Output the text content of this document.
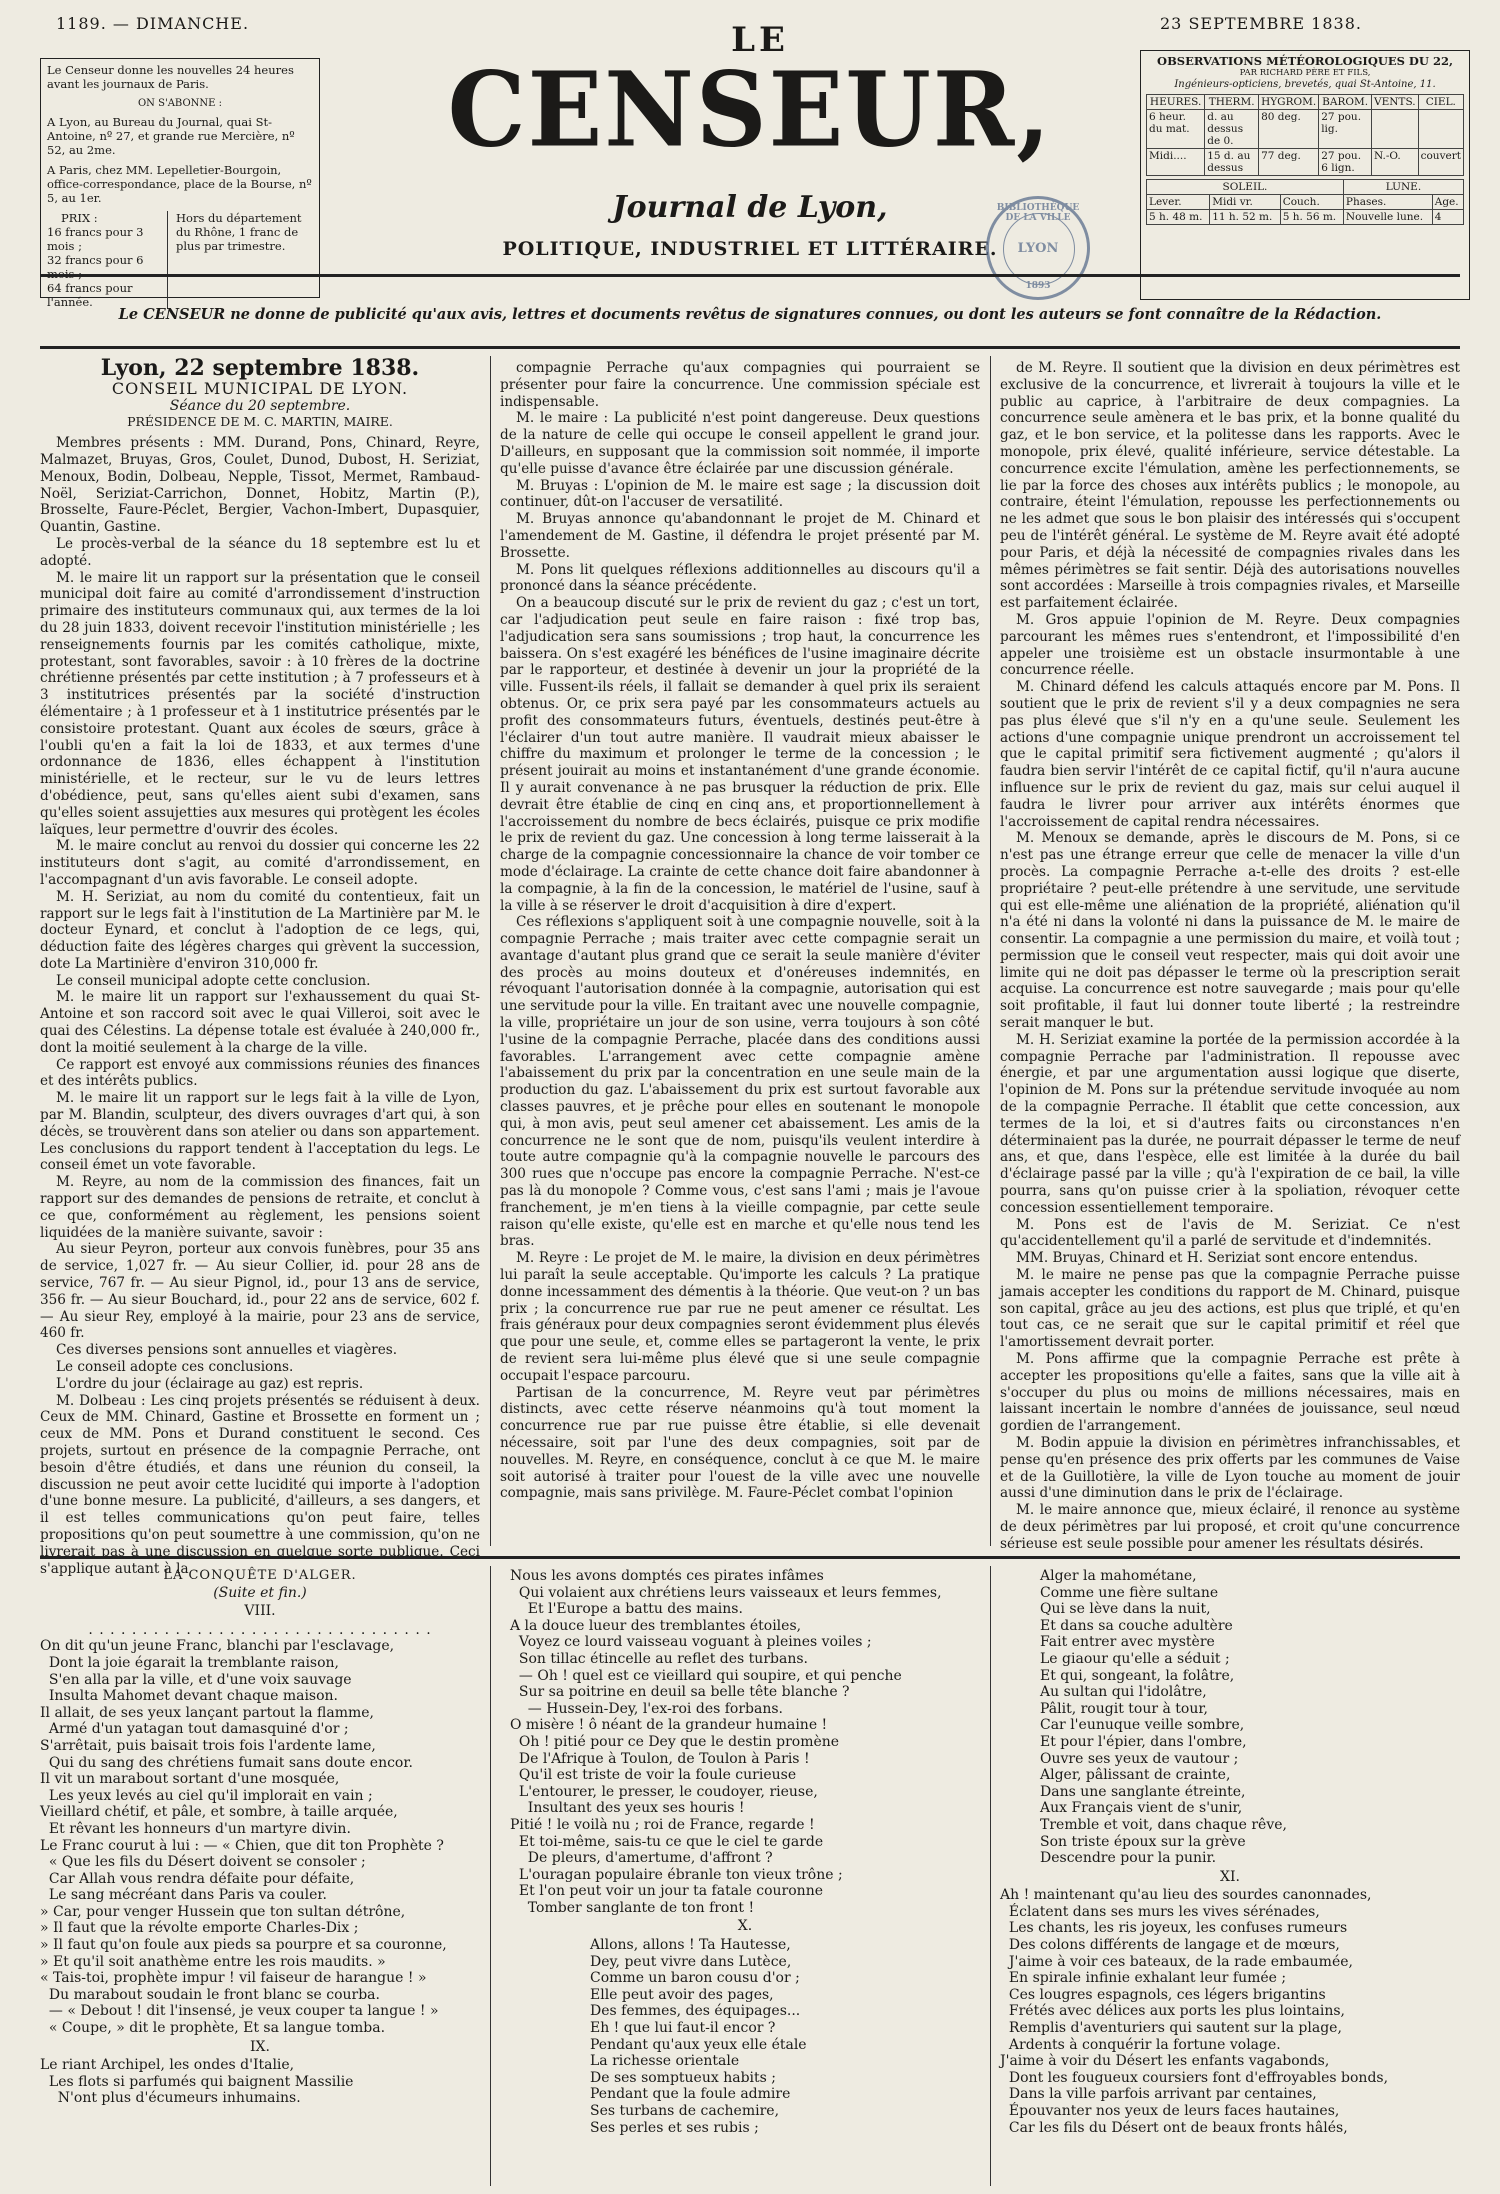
1189. — DIMANCHE.	23 SEPTEMBRE 1838.
Le Censeur donne les nouvelles 24 heures avant les journaux de Paris.
ON S'ABONNE :
A Lyon, au Bureau du Journal, quai St-Antoine, nº 27, et grande rue Mercière, nº 52, au 2me.
A Paris, chez MM. Lepelletier-Bourgoin, office-correspondance, place de la Bourse, nº 5, au 1er.
PRIX :
16 francs pour 3 mois ;
32 francs pour 6 mois ;
64 francs pour l'année.
Hors du département du Rhône, 1 franc de plus par trimestre.
LE
CENSEUR,
Journal de Lyon,
POLITIQUE, INDUSTRIEL ET LITTÉRAIRE.
BIBLIOTHÈQUE DE LA VILLE
LYON
1893
OBSERVATIONS MÉTÉOROLOGIQUES DU 22,
PAR RICHARD PÈRE ET FILS,
Ingénieurs-opticiens, brevetés, quai St-Antoine, 11.
HEURES.	THERM.	HYGROM.	BAROM.	VENTS.	CIEL.
6 heur. du mat.	d. au dessus de 0.	80 deg.	27 pou. lig.		
Midi....	15 d. au dessus	77 deg.	27 pou. 6 lign.	N.-O.	couvert
SOLEIL.			LUNE.	
Lever.	Midi vr.	Couch.	Phases.	Age.
5 h. 48 m.	11 h. 52 m.	5 h. 56 m.	Nouvelle lune.	4
Le CENSEUR ne donne de publicité qu'aux avis, lettres et documents revêtus de signatures connues, ou dont les auteurs se font connaître de la Rédaction.
Lyon, 22 septembre 1838.
CONSEIL MUNICIPAL DE LYON.
Séance du 20 septembre.
PRÉSIDENCE DE M. C. MARTIN, MAIRE.

Membres présents : MM. Durand, Pons, Chinard, Reyre, Malmazet, Bruyas, Gros, Coulet, Dunod, Dubost, H. Seriziat, Menoux, Bodin, Dolbeau, Nepple, Tissot, Mermet, Rambaud-Noël, Seriziat-Carrichon, Donnet, Hobitz, Martin (P.), Brosselte, Faure-Péclet, Bergier, Vachon-Imbert, Dupasquier, Quantin, Gastine.

Le procès-verbal de la séance du 18 septembre est lu et adopté.

M. le maire lit un rapport sur la présentation que le conseil municipal doit faire au comité d'arrondissement d'instruction primaire des instituteurs communaux qui, aux termes de la loi du 28 juin 1833, doivent recevoir l'institution ministérielle ; les renseignements fournis par les comités catholique, mixte, protestant, sont favorables, savoir : à 10 frères de la doctrine chrétienne présentés par cette institution ; à 7 professeurs et à 3 institutrices présentés par la société d'instruction élémentaire ; à 1 professeur et à 1 institutrice présentés par le consistoire protestant. Quant aux écoles de sœurs, grâce à l'oubli qu'en a fait la loi de 1833, et aux termes d'une ordonnance de 1836, elles échappent à l'institution ministérielle, et le recteur, sur le vu de leurs lettres d'obédience, peut, sans qu'elles aient subi d'examen, sans qu'elles soient assujetties aux mesures qui protègent les écoles laïques, leur permettre d'ouvrir des écoles.

M. le maire conclut au renvoi du dossier qui concerne les 22 instituteurs dont s'agit, au comité d'arrondissement, en l'accompagnant d'un avis favorable. Le conseil adopte.

M. H. Seriziat, au nom du comité du contentieux, fait un rapport sur le legs fait à l'institution de La Martinière par M. le docteur Eynard, et conclut à l'adoption de ce legs, qui, déduction faite des légères charges qui grèvent la succession, dote La Martinière d'environ 310,000 fr.

Le conseil municipal adopte cette conclusion.

M. le maire lit un rapport sur l'exhaussement du quai St-Antoine et son raccord soit avec le quai Villeroi, soit avec le quai des Célestins. La dépense totale est évaluée à 240,000 fr., dont la moitié seulement à la charge de la ville.

Ce rapport est envoyé aux commissions réunies des finances et des intérêts publics.

M. le maire lit un rapport sur le legs fait à la ville de Lyon, par M. Blandin, sculpteur, des divers ouvrages d'art qui, à son décès, se trouvèrent dans son atelier ou dans son appartement. Les conclusions du rapport tendent à l'acceptation du legs. Le conseil émet un vote favorable.

M. Reyre, au nom de la commission des finances, fait un rapport sur des demandes de pensions de retraite, et conclut à ce que, conformément au règlement, les pensions soient liquidées de la manière suivante, savoir :

Au sieur Peyron, porteur aux convois funèbres, pour 35 ans de service, 1,027 fr. — Au sieur Collier, id. pour 28 ans de service, 767 fr. — Au sieur Pignol, id., pour 13 ans de service, 356 fr. — Au sieur Bouchard, id., pour 22 ans de service, 602 f. — Au sieur Rey, employé à la mairie, pour 23 ans de service, 460 fr.

Ces diverses pensions sont annuelles et viagères.

Le conseil adopte ces conclusions.

L'ordre du jour (éclairage au gaz) est repris.

M. Dolbeau : Les cinq projets présentés se réduisent à deux. Ceux de MM. Chinard, Gastine et Brossette en forment un ; ceux de MM. Pons et Durand constituent le second. Ces projets, surtout en présence de la compagnie Perrache, ont besoin d'être étudiés, et dans une réunion du conseil, la discussion ne peut avoir cette lucidité qui importe à l'adoption d'une bonne mesure. La publicité, d'ailleurs, a ses dangers, et il est telles communications qu'on peut faire, telles propositions qu'on peut soumettre à une commission, qu'on ne livrerait pas à une discussion en quelque sorte publique. Ceci s'applique autant à la

compagnie Perrache qu'aux compagnies qui pourraient se présenter pour faire la concurrence. Une commission spéciale est indispensable.

M. le maire : La publicité n'est point dangereuse. Deux questions de la nature de celle qui occupe le conseil appellent le grand jour. D'ailleurs, en supposant que la commission soit nommée, il importe qu'elle puisse d'avance être éclairée par une discussion générale.

M. Bruyas : L'opinion de M. le maire est sage ; la discussion doit continuer, dût-on l'accuser de versatilité.

M. Bruyas annonce qu'abandonnant le projet de M. Chinard et l'amendement de M. Gastine, il défendra le projet présenté par M. Brossette.

M. Pons lit quelques réflexions additionnelles au discours qu'il a prononcé dans la séance précédente.

On a beaucoup discuté sur le prix de revient du gaz ; c'est un tort, car l'adjudication peut seule en faire raison : fixé trop bas, l'adjudication sera sans soumissions ; trop haut, la concurrence les baissera. On s'est exagéré les bénéfices de l'usine imaginaire décrite par le rapporteur, et destinée à devenir un jour la propriété de la ville. Fussent-ils réels, il fallait se demander à quel prix ils seraient obtenus. Or, ce prix sera payé par les consommateurs actuels au profit des consommateurs futurs, éventuels, destinés peut-être à l'éclairer d'un tout autre manière. Il vaudrait mieux abaisser le chiffre du maximum et prolonger le terme de la concession ; le présent jouirait au moins et instantanément d'une grande économie. Il y aurait convenance à ne pas brusquer la réduction de prix. Elle devrait être établie de cinq en cinq ans, et proportionnellement à l'accroissement du nombre de becs éclairés, puisque ce prix modifie le prix de revient du gaz. Une concession à long terme laisserait à la charge de la compagnie concessionnaire la chance de voir tomber ce mode d'éclairage. La crainte de cette chance doit faire abandonner à la compagnie, à la fin de la concession, le matériel de l'usine, sauf à la ville à se réserver le droit d'acquisition à dire d'expert.

Ces réflexions s'appliquent soit à une compagnie nouvelle, soit à la compagnie Perrache ; mais traiter avec cette compagnie serait un avantage d'autant plus grand que ce serait la seule manière d'éviter des procès au moins douteux et d'onéreuses indemnités, en révoquant l'autorisation donnée à la compagnie, autorisation qui est une servitude pour la ville. En traitant avec une nouvelle compagnie, la ville, propriétaire un jour de son usine, verra toujours à son côté l'usine de la compagnie Perrache, placée dans des conditions aussi favorables. L'arrangement avec cette compagnie amène l'abaissement du prix par la concentration en une seule main de la production du gaz. L'abaissement du prix est surtout favorable aux classes pauvres, et je prêche pour elles en soutenant le monopole qui, à mon avis, peut seul amener cet abaissement. Les amis de la concurrence ne le sont que de nom, puisqu'ils veulent interdire à toute autre compagnie qu'à la compagnie nouvelle le parcours des 300 rues que n'occupe pas encore la compagnie Perrache. N'est-ce pas là du monopole ? Comme vous, c'est sans l'ami ; mais je l'avoue franchement, je m'en tiens à la vieille compagnie, par cette seule raison qu'elle existe, qu'elle est en marche et qu'elle nous tend les bras.

M. Reyre : Le projet de M. le maire, la division en deux périmètres lui paraît la seule acceptable. Qu'importe les calculs ? La pratique donne incessamment des démentis à la théorie. Que veut-on ? un bas prix ; la concurrence rue par rue ne peut amener ce résultat. Les frais généraux pour deux compagnies seront évidemment plus élevés que pour une seule, et, comme elles se partageront la vente, le prix de revient sera lui-même plus élevé que si une seule compagnie occupait l'espace parcouru.

Partisan de la concurrence, M. Reyre veut par périmètres distincts, avec cette réserve néanmoins qu'à tout moment la concurrence rue par rue puisse être établie, si elle devenait nécessaire, soit par l'une des deux compagnies, soit par de nouvelles. M. Reyre, en conséquence, conclut à ce que M. le maire soit autorisé à traiter pour l'ouest de la ville avec une nouvelle compagnie, mais sans privilège. M. Faure-Péclet combat l'opinion

de M. Reyre. Il soutient que la division en deux périmètres est exclusive de la concurrence, et livrerait à toujours la ville et le public au caprice, à l'arbitraire de deux compagnies. La concurrence seule amènera et le bas prix, et la bonne qualité du gaz, et le bon service, et la politesse dans les rapports. Avec le monopole, prix élevé, qualité inférieure, service détestable. La concurrence excite l'émulation, amène les perfectionnements, se lie par la force des choses aux intérêts publics ; le monopole, au contraire, éteint l'émulation, repousse les perfectionnements ou ne les admet que sous le bon plaisir des intéressés qui s'occupent peu de l'intérêt général. Le système de M. Reyre avait été adopté pour Paris, et déjà la nécessité de compagnies rivales dans les mêmes périmètres se fait sentir. Déjà des autorisations nouvelles sont accordées : Marseille à trois compagnies rivales, et Marseille est parfaitement éclairée.

M. Gros appuie l'opinion de M. Reyre. Deux compagnies parcourant les mêmes rues s'entendront, et l'impossibilité d'en appeler une troisième est un obstacle insurmontable à une concurrence réelle.

M. Chinard défend les calculs attaqués encore par M. Pons. Il soutient que le prix de revient s'il y a deux compagnies ne sera pas plus élevé que s'il n'y en a qu'une seule. Seulement les actions d'une compagnie unique prendront un accroissement tel que le capital primitif sera fictivement augmenté ; qu'alors il faudra bien servir l'intérêt de ce capital fictif, qu'il n'aura aucune influence sur le prix de revient du gaz, mais sur celui auquel il faudra le livrer pour arriver aux intérêts énormes que l'accroissement de capital rendra nécessaires.

M. Menoux se demande, après le discours de M. Pons, si ce n'est pas une étrange erreur que celle de menacer la ville d'un procès. La compagnie Perrache a-t-elle des droits ? est-elle propriétaire ? peut-elle prétendre à une servitude, une servitude qui est elle-même une aliénation de la propriété, aliénation qu'il n'a été ni dans la volonté ni dans la puissance de M. le maire de consentir. La compagnie a une permission du maire, et voilà tout ; permission que le conseil veut respecter, mais qui doit avoir une limite qui ne doit pas dépasser le terme où la prescription serait acquise. La concurrence est notre sauvegarde ; mais pour qu'elle soit profitable, il faut lui donner toute liberté ; la restreindre serait manquer le but.

M. H. Seriziat examine la portée de la permission accordée à la compagnie Perrache par l'administration. Il repousse avec énergie, et par une argumentation aussi logique que diserte, l'opinion de M. Pons sur la prétendue servitude invoquée au nom de la compagnie Perrache. Il établit que cette concession, aux termes de la loi, et si d'autres faits ou circonstances n'en déterminaient pas la durée, ne pourrait dépasser le terme de neuf ans, et que, dans l'espèce, elle est limitée à la durée du bail d'éclairage passé par la ville ; qu'à l'expiration de ce bail, la ville pourra, sans qu'on puisse crier à la spoliation, révoquer cette concession essentiellement temporaire.

M. Pons est de l'avis de M. Seriziat. Ce n'est qu'accidentellement qu'il a parlé de servitude et d'indemnités.

MM. Bruyas, Chinard et H. Seriziat sont encore entendus.

M. le maire ne pense pas que la compagnie Perrache puisse jamais accepter les conditions du rapport de M. Chinard, puisque son capital, grâce au jeu des actions, est plus que triplé, et qu'en tout cas, ce ne serait que sur le capital primitif et réel que l'amortissement devrait porter.

M. Pons affirme que la compagnie Perrache est prête à accepter les propositions qu'elle a faites, sans que la ville ait à s'occuper du plus ou moins de millions nécessaires, mais en laissant incertain le nombre d'années de jouissance, seul nœud gordien de l'arrangement.

M. Bodin appuie la division en périmètres infranchissables, et pense qu'en présence des prix offerts par les communes de Vaise et de la Guillotière, la ville de Lyon touche au moment de jouir aussi d'une diminution dans le prix de l'éclairage.

M. le maire annonce que, mieux éclairé, il renonce au système de deux périmètres par lui proposé, et croit qu'une concurrence sérieuse est seule possible pour amener les résultats désirés.

LA CONQUÊTE D'ALGER.
(Suite et fin.)
VIII.
. . . . . . . . . . . . . . . . . . . . . . . . . . . . . . . .

On dit qu'un jeune Franc, blanchi par l'esclavage,

Dont la joie égarait la tremblante raison,

S'en alla par la ville, et d'une voix sauvage

Insulta Mahomet devant chaque maison.

Il allait, de ses yeux lançant partout la flamme,

Armé d'un yatagan tout damasquiné d'or ;

S'arrêtait, puis baisait trois fois l'ardente lame,

Qui du sang des chrétiens fumait sans doute encor.

Il vit un marabout sortant d'une mosquée,

Les yeux levés au ciel qu'il implorait en vain ;

Vieillard chétif, et pâle, et sombre, à taille arquée,

Et rêvant les honneurs d'un martyre divin.

Le Franc courut à lui : — « Chien, que dit ton Prophète ?

« Que les fils du Désert doivent se consoler ;

Car Allah vous rendra défaite pour défaite,

Le sang mécréant dans Paris va couler.

» Car, pour venger Hussein que ton sultan détrône,

» Il faut que la révolte emporte Charles-Dix ;

» Il faut qu'on foule aux pieds sa pourpre et sa couronne,

» Et qu'il soit anathème entre les rois maudits. »

« Tais-toi, prophète impur ! vil faiseur de harangue ! »

Du marabout soudain le front blanc se courba.

— « Debout ! dit l'insensé, je veux couper ta langue ! »

« Coupe, » dit le prophète, Et sa langue tomba.

IX.

Le riant Archipel, les ondes d'Italie,

Les flots si parfumés qui baignent Massilie

N'ont plus d'écumeurs inhumains.

Nous les avons domptés ces pirates infâmes

Qui volaient aux chrétiens leurs vaisseaux et leurs femmes,

Et l'Europe a battu des mains.

A la douce lueur des tremblantes étoiles,

Voyez ce lourd vaisseau voguant à pleines voiles ;

Son tillac étincelle au reflet des turbans.

— Oh ! quel est ce vieillard qui soupire, et qui penche

Sur sa poitrine en deuil sa belle tête blanche ?

— Hussein-Dey, l'ex-roi des forbans.

O misère ! ô néant de la grandeur humaine !

Oh ! pitié pour ce Dey que le destin promène

De l'Afrique à Toulon, de Toulon à Paris !

Qu'il est triste de voir la foule curieuse

L'entourer, le presser, le coudoyer, rieuse,

Insultant des yeux ses houris !

Pitié ! le voilà nu ; roi de France, regarde !

Et toi-même, sais-tu ce que le ciel te garde

De pleurs, d'amertume, d'affront ?

L'ouragan populaire ébranle ton vieux trône ;

Et l'on peut voir un jour ta fatale couronne

Tomber sanglante de ton front !

X.

Allons, allons ! Ta Hautesse,

Dey, peut vivre dans Lutèce,

Comme un baron cousu d'or ;

Elle peut avoir des pages,

Des femmes, des équipages...

Eh ! que lui faut-il encor ?

Pendant qu'aux yeux elle étale

La richesse orientale

De ses somptueux habits ;

Pendant que la foule admire

Ses turbans de cachemire,

Ses perles et ses rubis ;

Alger la mahométane,

Comme une fière sultane

Qui se lève dans la nuit,

Et dans sa couche adultère

Fait entrer avec mystère

Le giaour qu'elle a séduit ;

Et qui, songeant, la folâtre,

Au sultan qui l'idolâtre,

Pâlit, rougit tour à tour,

Car l'eunuque veille sombre,

Et pour l'épier, dans l'ombre,

Ouvre ses yeux de vautour ;

Alger, pâlissant de crainte,

Dans une sanglante étreinte,

Aux Français vient de s'unir,

Tremble et voit, dans chaque rêve,

Son triste époux sur la grève

Descendre pour la punir.

XI.

Ah ! maintenant qu'au lieu des sourdes canonnades,

Éclatent dans ses murs les vives sérénades,

Les chants, les ris joyeux, les confuses rumeurs

Des colons différents de langage et de mœurs,

J'aime à voir ces bateaux, de la rade embaumée,

En spirale infinie exhalant leur fumée ;

Ces lougres espagnols, ces légers brigantins

Frétés avec délices aux ports les plus lointains,

Remplis d'aventuriers qui sautent sur la plage,

Ardents à conquérir la fortune volage.

J'aime à voir du Désert les enfants vagabonds,

Dont les fougueux coursiers font d'effroyables bonds,

Dans la ville parfois arrivant par centaines,

Épouvanter nos yeux de leurs faces hautaines,

Car les fils du Désert ont de beaux fronts hâlés,
